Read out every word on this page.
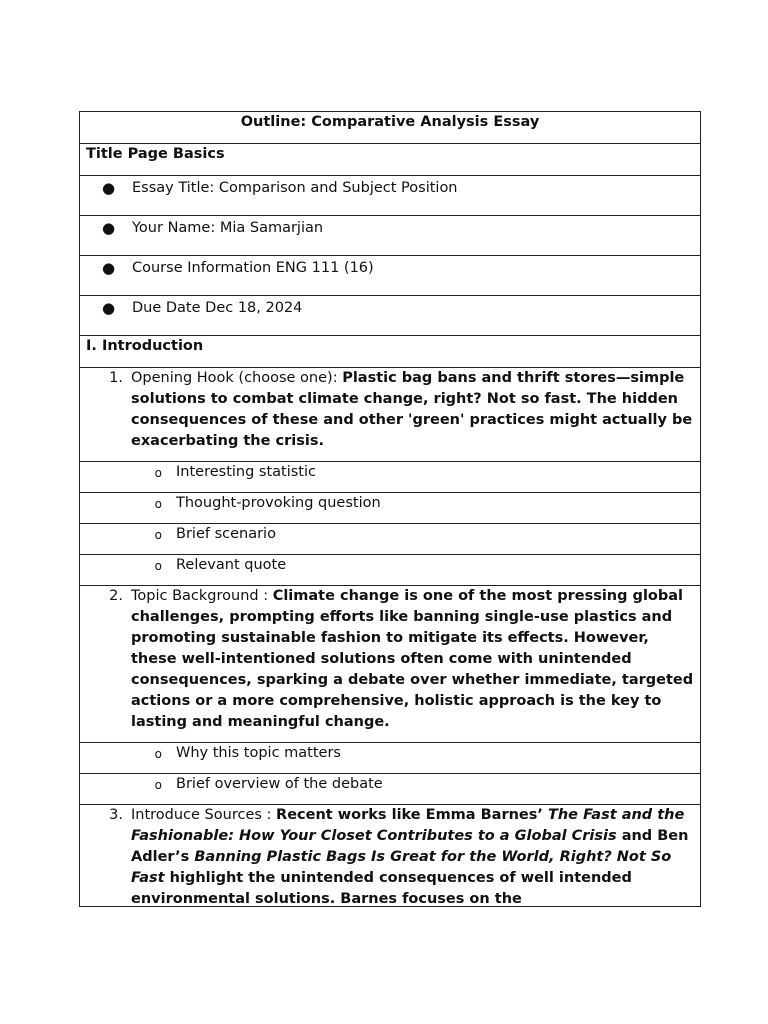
Outline: Comparative Analysis Essay

Title Page Basics

●	Essay Title: Comparison and Subject Position

●	Your Name: Mia Samarjian

●	Course Information ENG 111 (16)

●	Due Date Dec 18, 2024

I. Introduction

1. Opening Hook (choose one): Plastic bag bans and thrift stores—simple solutions to combat climate change, right? Not so fast. The hidden consequences of these and other 'green' practices might actually be exacerbating the crisis.

o Interesting statistic

o Thought-provoking question

o Brief scenario

o Relevant quote

2. Topic Background : Climate change is one of the most pressing global challenges, prompting efforts like banning single-use plastics and promoting sustainable fashion to mitigate its effects. However, these well-intentioned solutions often come with unintended consequences, sparking a debate over whether immediate, targeted actions or a more comprehensive, holistic approach is the key to lasting and meaningful change.

o Why this topic matters

o Brief overview of the debate

3. Introduce Sources : Recent works like Emma Barnes’ The Fast and the Fashionable: How Your Closet Contributes to a Global Crisis and Ben Adler’s Banning Plastic Bags Is Great for the World, Right? Not So Fast highlight the unintended consequences of well intended environmental solutions. Barnes focuses on the
